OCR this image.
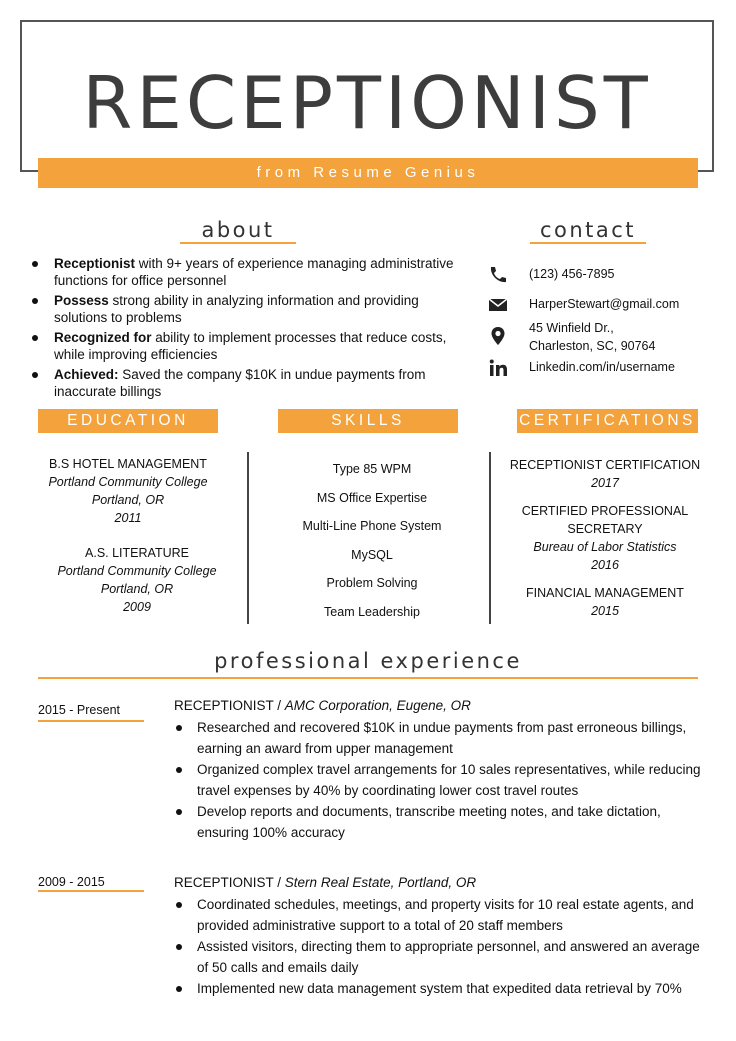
RECEPTIONIST
from Resume Genius
about
Receptionist with 9+ years of experience managing administrative functions for office personnel
Possess strong ability in analyzing information and providing solutions to problems
Recognized for ability to implement processes that reduce costs, while improving efficiencies
Achieved: Saved the company $10K in undue payments from inaccurate billings
contact
(123) 456-7895
HarperStewart@gmail.com
45 Winfield Dr.,
Charleston, SC, 90764
Linkedin.com/in/username
EDUCATION	SKILLS	CERTIFICATIONS
B.S HOTEL MANAGEMENT
Portland Community College
Portland, OR
2011
A.S. LITERATURE
Portland Community College
Portland, OR
2009
Type 85 WPM
MS Office Expertise
Multi-Line Phone System
MySQL
Problem Solving
Team Leadership
RECEPTIONIST CERTIFICATION
2017
CERTIFIED PROFESSIONAL
SECRETARY
Bureau of Labor Statistics
2016
FINANCIAL MANAGEMENT
2015
professional experience
2015 - Present	RECEPTIONIST / AMC Corporation, Eugene, OR
Researched and recovered $10K in undue payments from past erroneous billings, earning an award from upper management
Organized complex travel arrangements for 10 sales representatives, while reducing travel expenses by 40% by coordinating lower cost travel routes
Develop reports and documents, transcribe meeting notes, and take dictation, ensuring 100% accuracy
2009 - 2015	RECEPTIONIST / Stern Real Estate, Portland, OR
Coordinated schedules, meetings, and property visits for 10 real estate agents, and provided administrative support to a total of 20 staff members
Assisted visitors, directing them to appropriate personnel, and answered an average of 50 calls and emails daily
Implemented new data management system that expedited data retrieval by 70%
